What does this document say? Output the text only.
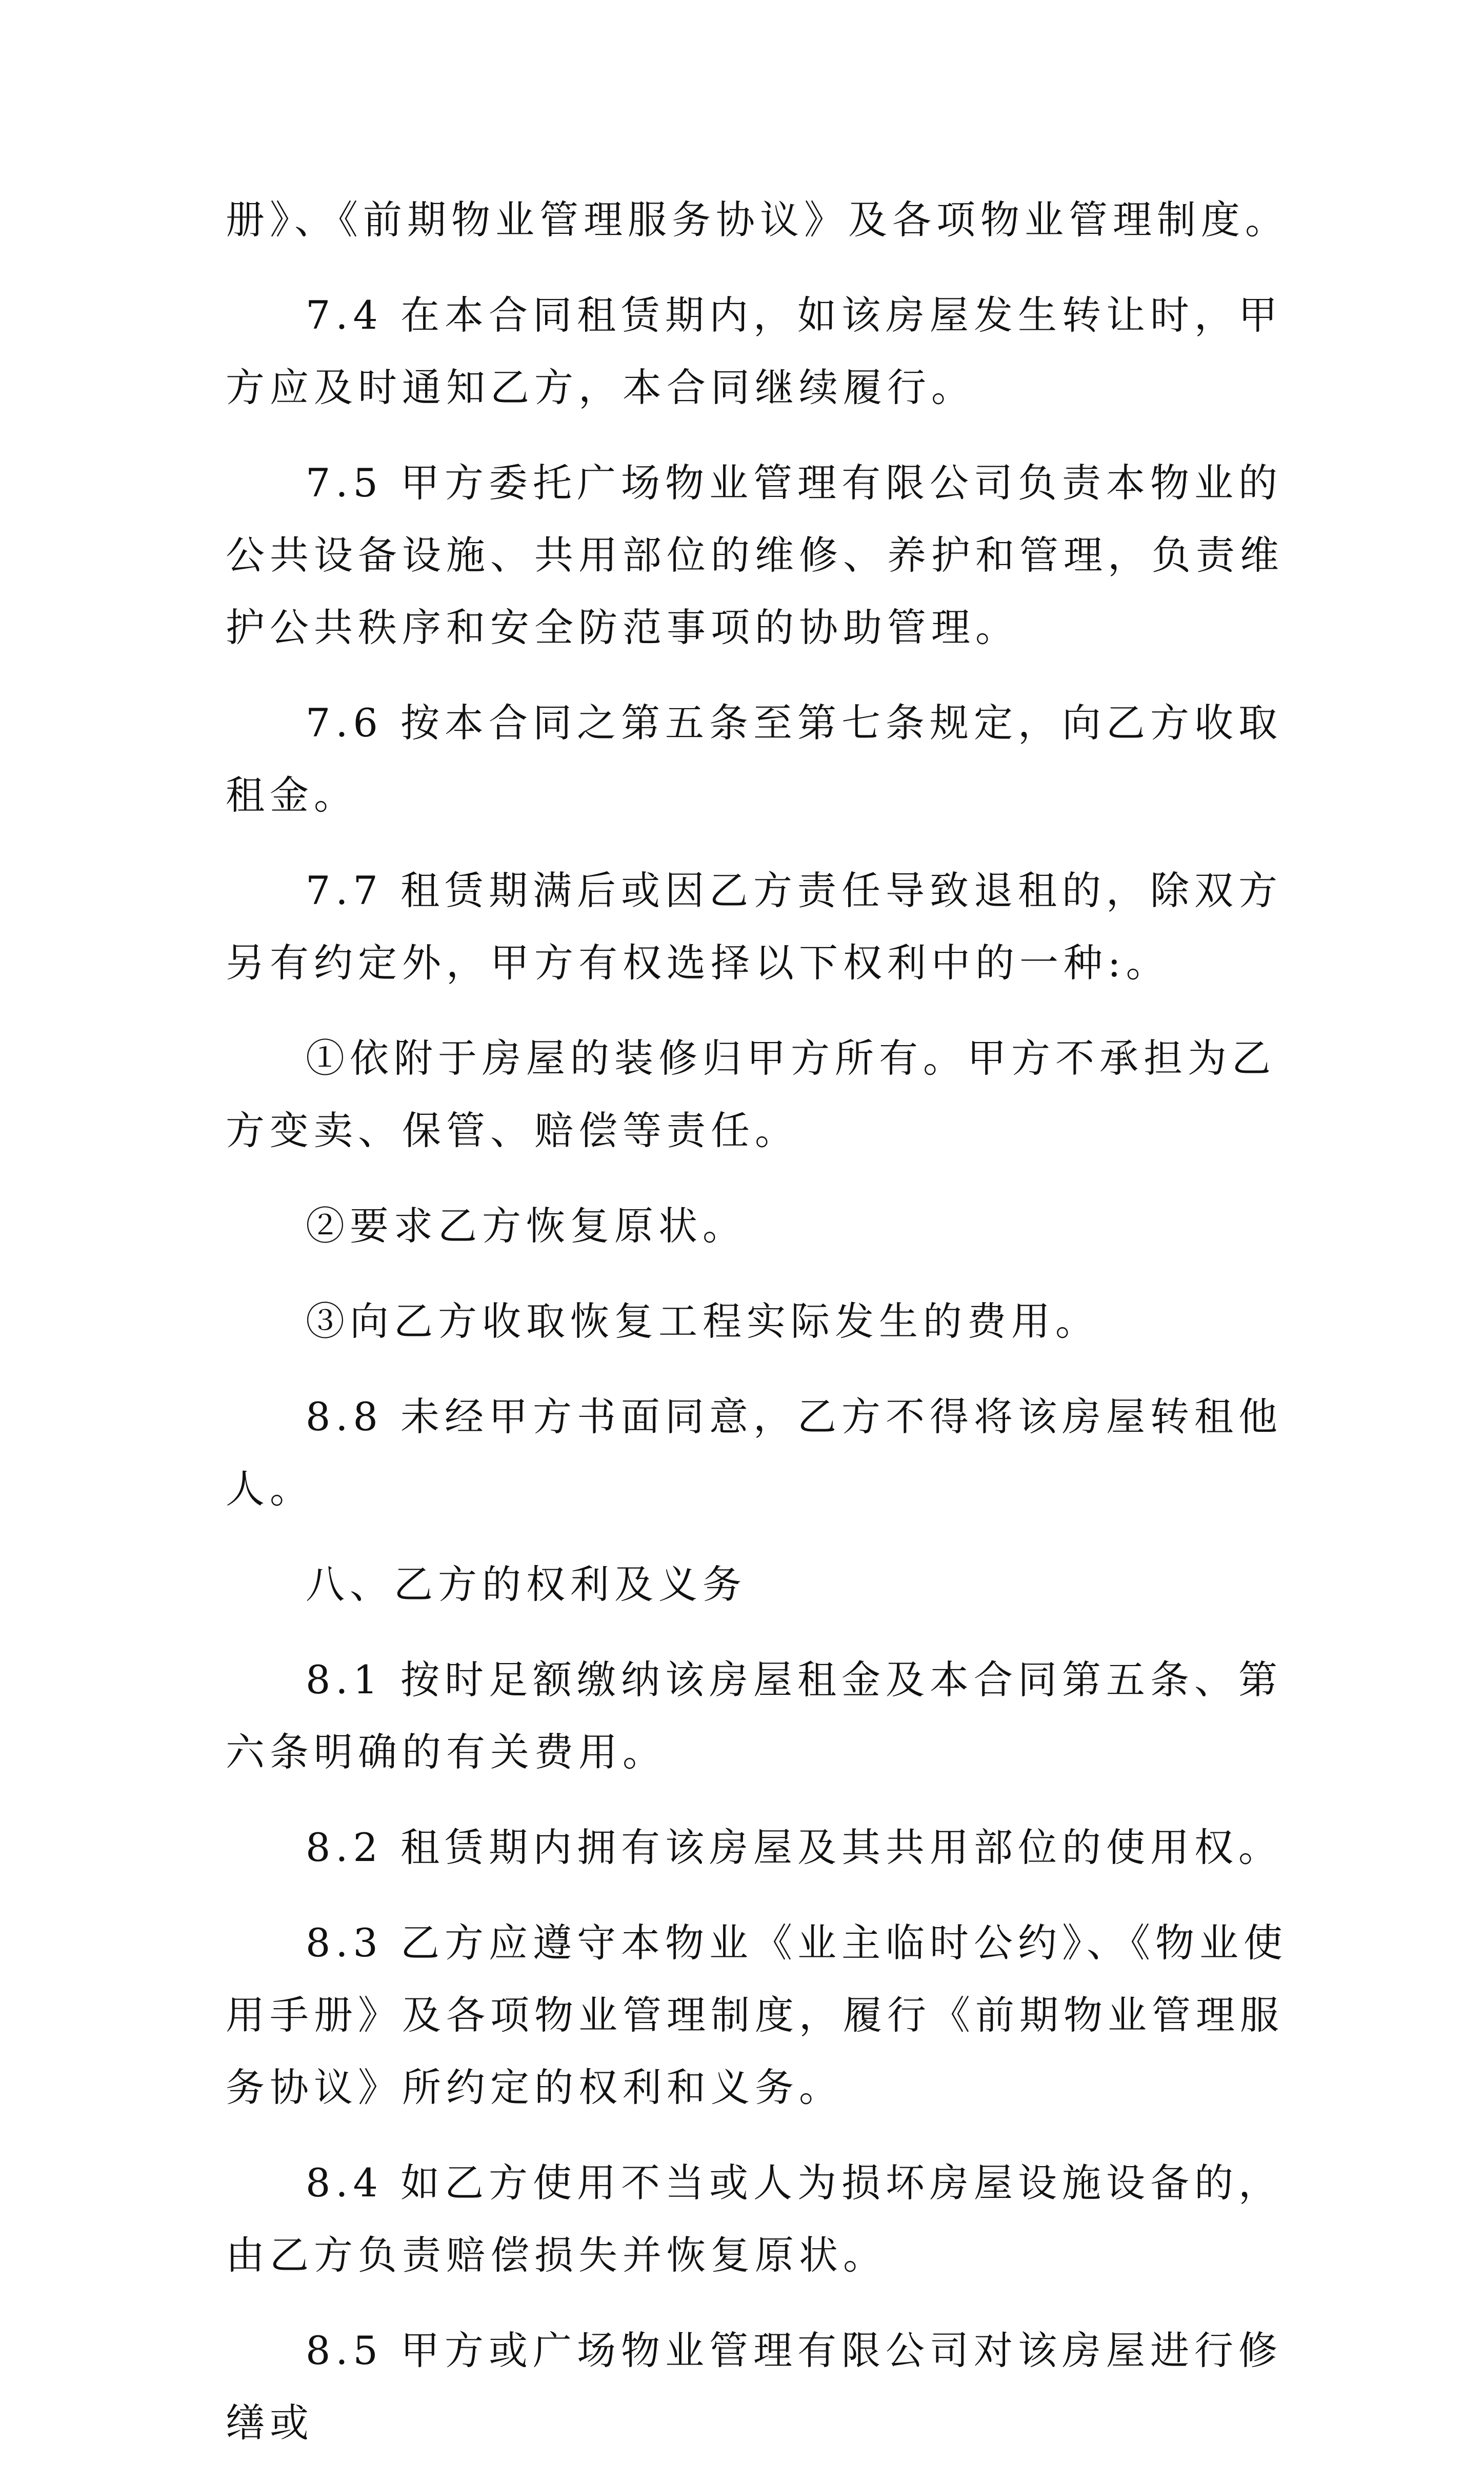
册》、《前期物业管理服务协议》及各项物业管理制度。

7.4 在本合同租赁期内，如该房屋发生转让时，甲方应及时通知乙方，本合同继续履行。

7.5 甲方委托广场物业管理有限公司负责本物业的公共设备设施、共用部位的维修、养护和管理，负责维护公共秩序和安全防范事项的协助管理。

7.6 按本合同之第五条至第七条规定，向乙方收取租金。

7.7 租赁期满后或因乙方责任导致退租的，除双方另有约定外，甲方有权选择以下权利中的一种:。

①依附于房屋的装修归甲方所有。甲方不承担为乙方变卖、保管、赔偿等责任。

②要求乙方恢复原状。

③向乙方收取恢复工程实际发生的费用。

8.8 未经甲方书面同意，乙方不得将该房屋转租他人。

八、乙方的权利及义务

8.1 按时足额缴纳该房屋租金及本合同第五条、第六条明确的有关费用。

8.2 租赁期内拥有该房屋及其共用部位的使用权。

8.3 乙方应遵守本物业《业主临时公约》、《物业使用手册》及各项物业管理制度，履行《前期物业管理服务协议》所约定的权利和义务。

8.4 如乙方使用不当或人为损坏房屋设施设备的，由乙方负责赔偿损失并恢复原状。

8.5 甲方或广场物业管理有限公司对该房屋进行修缮或
